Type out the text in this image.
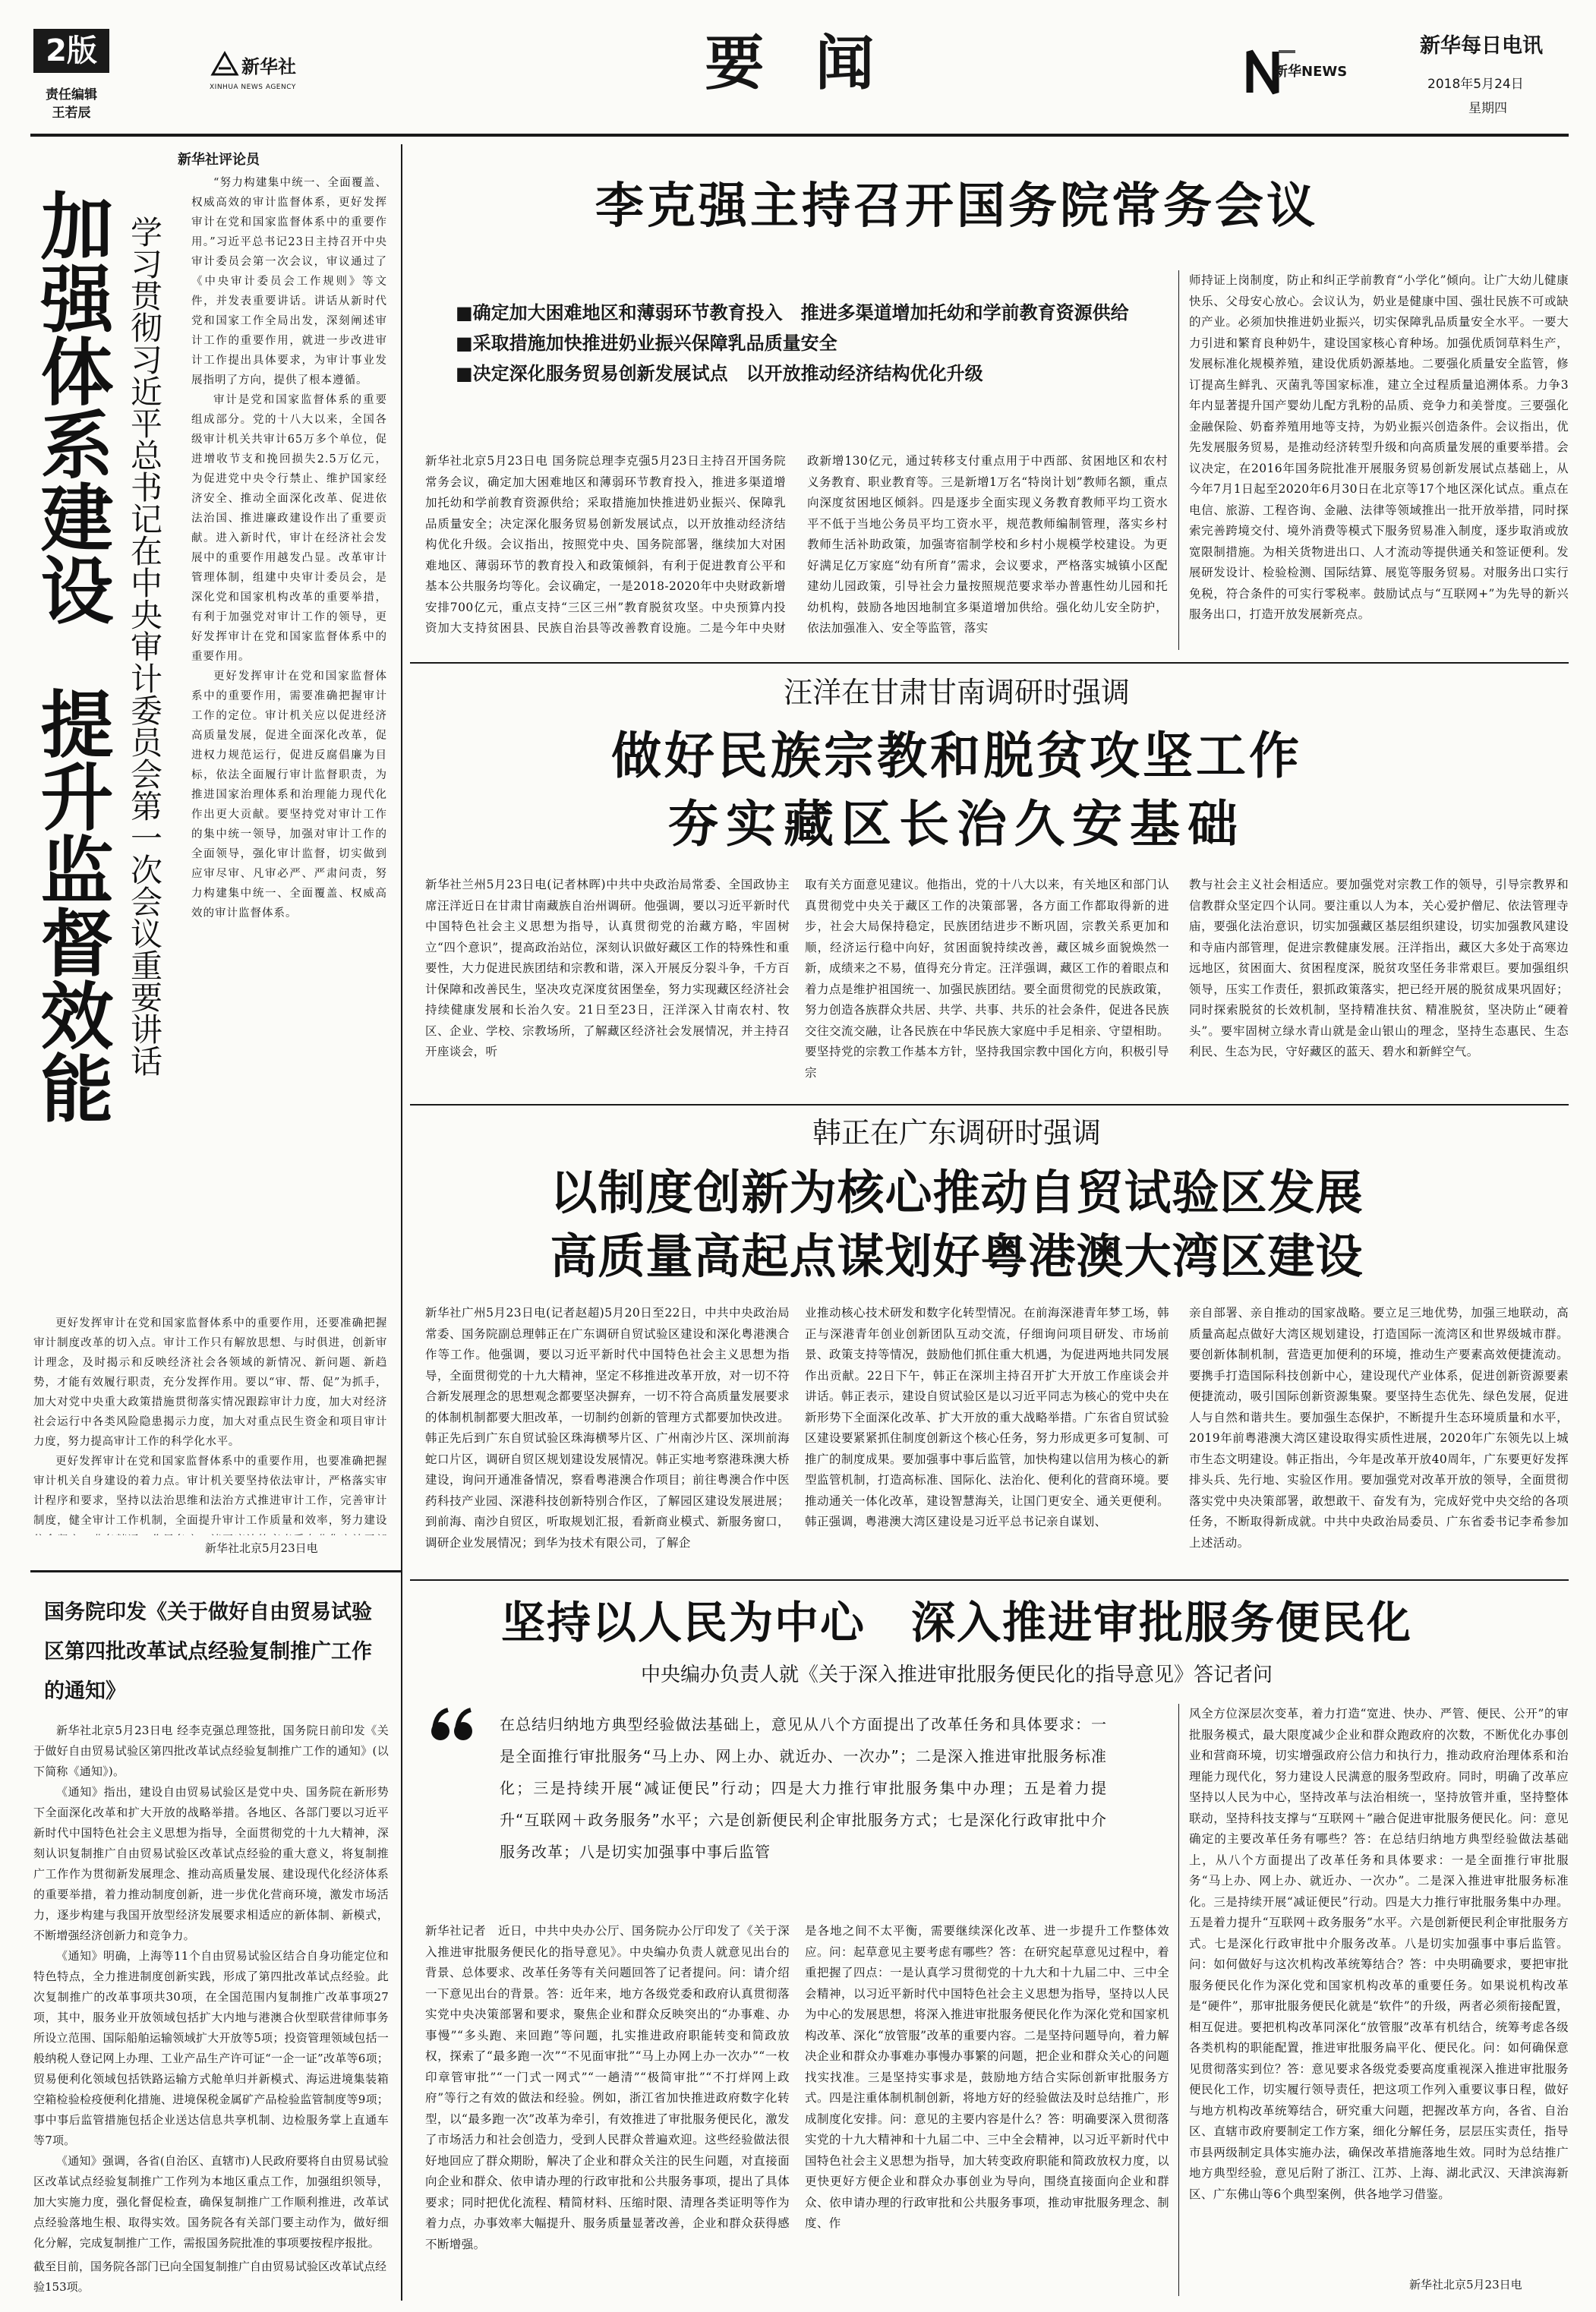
2版
责任编辑
王若辰
新华社
XINHUA NEWS AGENCY	要 闻	新华NEWS
新华每日电讯
2018年5月24日
星期四
新华社评论员
加强体系建设
提升监督效能 学习贯彻习近平总书记在中央审计委员会第一次会议重要讲话

“努力构建集中统一、全面覆盖、权威高效的审计监督体系，更好发挥审计在党和国家监督体系中的重要作用。”习近平总书记23日主持召开中央审计委员会第一次会议，审议通过了《中央审计委员会工作规则》等文件，并发表重要讲话。讲话从新时代党和国家工作全局出发，深刻阐述审计工作的重要作用，就进一步改进审计工作提出具体要求，为审计事业发展指明了方向，提供了根本遵循。

审计是党和国家监督体系的重要组成部分。党的十八大以来，全国各级审计机关共审计65万多个单位，促进增收节支和挽回损失2.5万亿元，为促进党中央令行禁止、维护国家经济安全、推动全面深化改革、促进依法治国、推进廉政建设作出了重要贡献。进入新时代，审计在经济社会发展中的重要作用越发凸显。改革审计管理体制，组建中央审计委员会，是深化党和国家机构改革的重要举措，有利于加强党对审计工作的领导，更好发挥审计在党和国家监督体系中的重要作用。

更好发挥审计在党和国家监督体系中的重要作用，需要准确把握审计工作的定位。审计机关应以促进经济高质量发展，促进全面深化改革，促进权力规范运行，促进反腐倡廉为目标，依法全面履行审计监督职责，为推进国家治理体系和治理能力现代化作出更大贡献。要坚持党对审计工作的集中统一领导，加强对审计工作的全面领导，强化审计监督，切实做到应审尽审、凡审必严、严肃问责，努力构建集中统一、全面覆盖、权威高效的审计监督体系。

更好发挥审计在党和国家监督体系中的重要作用，还要准确把握审计制度改革的切入点。审计工作只有解放思想、与时俱进，创新审计理念，及时揭示和反映经济社会各领域的新情况、新问题、新趋势，才能有效履行职责，充分发挥作用。要以“审、帮、促”为抓手，加大对党中央重大政策措施贯彻落实情况跟踪审计力度，加大对经济社会运行中各类风险隐患揭示力度，加大对重点民生资金和项目审计力度，努力提高审计工作的科学化水平。

更好发挥审计在党和国家监督体系中的重要作用，也要准确把握审计机关自身建设的着力点。审计机关要坚持依法审计，严格落实审计程序和要求，坚持以法治思维和法治方式推进审计工作，完善审计制度，健全审计工作机制，全面提升审计工作质量和效率，努力建设

新华社北京5月23日电
国务院印发《关于做好自由贸易试验区第四批改革试点经验复制推广工作的通知》

新华社北京5月23日电 经李克强总理签批，国务院日前印发《关于做好自由贸易试验区第四批改革试点经验复制推广工作的通知》(以下简称《通知》)。

《通知》指出，建设自由贸易试验区是党中央、国务院在新形势下全面深化改革和扩大开放的战略举措。各地区、各部门要以习近平新时代中国特色社会主义思想为指导，全面贯彻党的十九大精神，深刻认识复制推广自由贸易试验区改革试点经验的重大意义，将复制推广工作作为贯彻新发展理念、推动高质量发展、建设现代化经济体系的重要举措，着力推动制度创新，进一步优化营商环境，激发市场活力，逐步构建与我国开放型经济发展要求相适应的新体制、新模式，不断增强经济创新力和竞争力。

《通知》明确，上海等11个自由贸易试验区结合自身功能定位和特色特点，全力推进制度创新实践，形成了第四批改革试点经验。此次复制推广的改革事项共30项，在全国范围内复制推广改革事项27项，其中，服务业开放领域包括扩大内地与港澳合伙型联营律师事务所设立范围、国际船舶运输领域扩大开放等5项；投资管理领域包括一般纳税人登记网上办理、工业产品生产许可证“一企一证”改革等6项；贸易便利化领域包括铁路运输方式舱单归并新模式、海运进境集装箱空箱检验检疫便利化措施、进境保税金属矿产品检验监管制度等9项；事中事后监管措施包括企业送达信息共享机制、边检服务掌上直通车等7项。

《通知》强调，各省(自治区、直辖市)人民政府要将自由贸易试验区改革试点经验复制推广工作列为本地区重点工作，加强组织领导，加大实施力度，强化督促检查，确保复制推广工作顺利推进，改革试点经验落地生根、取得实效。国务院各有关部门要主动作为，做好细化分解，完成复制推广工作，需报国务院批准的事项要按程序报批。

截至目前，国务院各部门已向全国复制推广自由贸易试验区改革试点经验153项。
李克强主持召开国务院常务会议
■确定加大困难地区和薄弱环节教育投入　推进多渠道增加托幼和学前教育资源供给
■采取措施加快推进奶业振兴保障乳品质量安全
■决定深化服务贸易创新发展试点　以开放推动经济结构优化升级
新华社北京5月23日电 国务院总理李克强5月23日主持召开国务院常务会议，确定加大困难地区和薄弱环节教育投入，推进多渠道增加托幼和学前教育资源供给；采取措施加快推进奶业振兴、保障乳品质量安全；决定深化服务贸易创新发展试点，以开放推动经济结构优化升级。会议指出，按照党中央、国务院部署，继续加大对困难地区、薄弱环节的教育投入和政策倾斜，有利于促进教育公平和基本公共服务均等化。会议确定，一是2018-2020年中央财政新增安排700亿元，重点支持“三区三州”教育脱贫攻坚。中央预算内投资加大支持贫困县、民族自治县等改善教育设施。二是今年中央财政新增130亿元，通过转移支付重点用于中西部、贫困地区和农村义务教育、职业教育等。三是新增1万名“特岗计划”教师名额，重点向深度贫困地区倾斜。四是逐步全面实现义务教育教师平均工资水平不低于当地公务员平均工资水平，规范教师编制管理，落实乡村教师生活补助政策，加强寄宿制学校和乡村小规模学校建设。为更好满足亿万家庭“幼有所育”需求，会议要求，严格落实城镇小区配建幼儿园政策，引导社会力量按照规范要求举办普惠性幼儿园和托幼机构，鼓励各地因地制宜多渠道增加供给。强化幼儿安全防护，依法加强准入、安全等监管，落实
师持证上岗制度，防止和纠正学前教育“小学化”倾向。让广大幼儿健康快乐、父母安心放心。会议认为，奶业是健康中国、强壮民族不可或缺的产业。必须加快推进奶业振兴，切实保障乳品质量安全水平。一要大力引进和繁育良种奶牛，建设国家核心育种场。加强优质饲草料生产，发展标准化规模养殖，建设优质奶源基地。二要强化质量安全监管，修订提高生鲜乳、灭菌乳等国家标准，建立全过程质量追溯体系。力争3年内显著提升国产婴幼儿配方乳粉的品质、竞争力和美誉度。三要强化金融保险、奶畜养殖用地等支持，为奶业振兴创造条件。会议指出，优先发展服务贸易，是推动经济转型升级和向高质量发展的重要举措。会议决定，在2016年国务院批准开展服务贸易创新发展试点基础上，从今年7月1日起至2020年6月30日在北京等17个地区深化试点。重点在电信、旅游、工程咨询、金融、法律等领域推出一批开放举措，同时探索完善跨境交付、境外消费等模式下服务贸易准入制度，逐步取消或放宽限制措施。为相关货物进出口、人才流动等提供通关和签证便利。发展研发设计、检验检测、国际结算、展览等服务贸易。对服务出口实行免税，符合条件的可实行零税率。鼓励试点与“互联网+”为先导的新兴服务出口，打造开放发展新亮点。
汪洋在甘肃甘南调研时强调
做好民族宗教和脱贫攻坚工作
夯实藏区长治久安基础
新华社兰州5月23日电(记者林晖)中共中央政治局常委、全国政协主席汪洋近日在甘肃甘南藏族自治州调研。他强调，要以习近平新时代中国特色社会主义思想为指导，认真贯彻党的治藏方略，牢固树立“四个意识”，提高政治站位，深刻认识做好藏区工作的特殊性和重要性，大力促进民族团结和宗教和谐，深入开展反分裂斗争，千方百计保障和改善民生，坚决攻克深度贫困堡垒，努力实现藏区经济社会持续健康发展和长治久安。21日至23日，汪洋深入甘南农村、牧区、企业、学校、宗教场所，了解藏区经济社会发展情况，并主持召开座谈会，听
取有关方面意见建议。他指出，党的十八大以来，有关地区和部门认真贯彻党中央关于藏区工作的决策部署，各方面工作都取得新的进步，社会大局保持稳定，民族团结进步不断巩固，宗教关系更加和顺，经济运行稳中向好，贫困面貌持续改善，藏区城乡面貌焕然一新，成绩来之不易，值得充分肯定。汪洋强调，藏区工作的着眼点和着力点是维护祖国统一、加强民族团结。要全面贯彻党的民族政策，努力创造各族群众共居、共学、共事、共乐的社会条件，促进各民族交往交流交融，让各民族在中华民族大家庭中手足相亲、守望相助。要坚持党的宗教工作基本方针，坚持我国宗教中国化方向，积极引导宗
教与社会主义社会相适应。要加强党对宗教工作的领导，引导宗教界和信教群众坚定四个认同。要注重以人为本，关心爱护僧尼、依法管理寺庙，要强化法治意识，切实加强藏区基层组织建设，切实加强教风建设和寺庙内部管理，促进宗教健康发展。汪洋指出，藏区大多处于高寒边远地区，贫困面大、贫困程度深，脱贫攻坚任务非常艰巨。要加强组织领导，压实工作责任，狠抓政策落实，把已经开展的脱贫成果巩固好；同时探索脱贫的长效机制，坚持精准扶贫、精准脱贫，坚决防止“硬着头”。要牢固树立绿水青山就是金山银山的理念，坚持生态惠民、生态利民、生态为民，守好藏区的蓝天、碧水和新鲜空气。
韩正在广东调研时强调
以制度创新为核心推动自贸试验区发展
高质量高起点谋划好粤港澳大湾区建设
新华社广州5月23日电(记者赵超)5月20日至22日，中共中央政治局常委、国务院副总理韩正在广东调研自贸试验区建设和深化粤港澳合作等工作。他强调，要以习近平新时代中国特色社会主义思想为指导，全面贯彻党的十九大精神，坚定不移推进改革开放，对一切不符合新发展理念的思想观念都要坚决摒弃，一切不符合高质量发展要求的体制机制都要大胆改革，一切制约创新的管理方式都要加快改进。韩正先后到广东自贸试验区珠海横琴片区、广州南沙片区、深圳前海蛇口片区，调研自贸区规划建设发展情况。韩正实地考察港珠澳大桥建设，询问开通准备情况，察看粤港澳合作项目；前往粤澳合作中医药科技产业园、深港科技创新特别合作区，了解园区建设发展进展；到前海、南沙自贸区，听取规划汇报，看新商业模式、新服务窗口，调研企业发展情况；到华为技术有限公司，了解企
业推动核心技术研发和数字化转型情况。在前海深港青年梦工场，韩正与深港青年创业创新团队互动交流，仔细询问项目研发、市场前景、政策支持等情况，鼓励他们抓住重大机遇，为促进两地共同发展作出贡献。22日下午，韩正在深圳主持召开扩大开放工作座谈会并讲话。韩正表示，建设自贸试验区是以习近平同志为核心的党中央在新形势下全面深化改革、扩大开放的重大战略举措。广东省自贸试验区建设要紧紧抓住制度创新这个核心任务，努力形成更多可复制、可推广的制度成果。要加强事中事后监管，加快构建以信用为核心的新型监管机制，打造高标准、国际化、法治化、便利化的营商环境。要推动通关一体化改革，建设智慧海关，让国门更安全、通关更便利。韩正强调，粤港澳大湾区建设是习近平总书记亲自谋划、
亲自部署、亲自推动的国家战略。要立足三地优势，加强三地联动，高质量高起点做好大湾区规划建设，打造国际一流湾区和世界级城市群。要创新体制机制，营造更加便利的环境，推动生产要素高效便捷流动。要携手打造国际科技创新中心，建设现代产业体系，促进创新资源要素便捷流动，吸引国际创新资源集聚。要坚持生态优先、绿色发展，促进人与自然和谐共生。要加强生态保护，不断提升生态环境质量和水平，2019年前粤港澳大湾区建设取得实质性进展，2020年广东领先以上城市生态文明建设。韩正指出，今年是改革开放40周年，广东要更好发挥排头兵、先行地、实验区作用。要加强党对改革开放的领导，全面贯彻落实党中央决策部署，敢想敢干、奋发有为，完成好党中央交给的各项任务，不断取得新成就。中共中央政治局委员、广东省委书记李希参加上述活动。
坚持以人民为中心　深入推进审批服务便民化
中央编办负责人就《关于深入推进审批服务便民化的指导意见》答记者问
在总结归纳地方典型经验做法基础上，意见从八个方面提出了改革任务和具体要求：一是全面推行审批服务“马上办、网上办、就近办、一次办”；二是深入推进审批服务标准化；三是持续开展“减证便民”行动；四是大力推行审批服务集中办理；五是着力提升“互联网＋政务服务”水平；六是创新便民利企审批服务方式；七是深化行政审批中介服务改革；八是切实加强事中事后监管
新华社记者　近日，中共中央办公厅、国务院办公厅印发了《关于深入推进审批服务便民化的指导意见》。中央编办负责人就意见出台的背景、总体要求、改革任务等有关问题回答了记者提问。问：请介绍一下意见出台的背景。答：近年来，地方各级党委和政府认真贯彻落实党中央决策部署和要求，聚焦企业和群众反映突出的“办事难、办事慢”“多头跑、来回跑”等问题，扎实推进政府职能转变和简政放权，探索了“最多跑一次”“不见面审批”“马上办网上办一次办”“一枚印章管审批”“一门式一网式”“一趟清”“极简审批”“不打烊网上政府”等行之有效的做法和经验。例如，浙江省加快推进政府数字化转型，以“最多跑一次”改革为牵引，有效推进了审批服务便民化，激发了市场活力和社会创造力，受到人民群众普遍欢迎。这些经验做法很好地回应了群众期盼，解决了企业和群众关注的民生问题，对直接面向企业和群众、依申请办理的行政审批和公共服务事项，提出了具体要求；同时把优化流程、精简材料、压缩时限、清理各类证明等作为着力点，办事效率大幅提升、服务质量显著改善，企业和群众获得感不断增强。
是各地之间不太平衡，需要继续深化改革、进一步提升工作整体效应。问：起草意见主要考虑有哪些？答：在研究起草意见过程中，着重把握了四点：一是认真学习贯彻党的十九大和十九届二中、三中全会精神，以习近平新时代中国特色社会主义思想为指导，坚持以人民为中心的发展思想，将深入推进审批服务便民化作为深化党和国家机构改革、深化“放管服”改革的重要内容。二是坚持问题导向，着力解决企业和群众办事难办事慢办事繁的问题，把企业和群众关心的问题找实找准。三是坚持实事求是，鼓励地方结合实际创新审批服务方式。四是注重体制机制创新，将地方好的经验做法及时总结推广，形成制度化安排。问：意见的主要内容是什么？答：明确要深入贯彻落实党的十九大精神和十九届二中、三中全会精神，以习近平新时代中国特色社会主义思想为指导，加大转变政府职能和简政放权力度，以更快更好方便企业和群众办事创业为导向，围绕直接面向企业和群众、依申请办理的行政审批和公共服务事项，推动审批服务理念、制度、作
风全方位深层次变革，着力打造“宽进、快办、严管、便民、公开”的审批服务模式，最大限度减少企业和群众跑政府的次数，不断优化办事创业和营商环境，切实增强政府公信力和执行力，推动政府治理体系和治理能力现代化，努力建设人民满意的服务型政府。同时，明确了改革应坚持以人民为中心，坚持改革与法治相统一，坚持放管并重，坚持整体联动，坚持科技支撑与“互联网＋”融合促进审批服务便民化。问：意见确定的主要改革任务有哪些？答：在总结归纳地方典型经验做法基础上，从八个方面提出了改革任务和具体要求：一是全面推行审批服务“马上办、网上办、就近办、一次办”。二是深入推进审批服务标准化。三是持续开展“减证便民”行动。四是大力推行审批服务集中办理。五是着力提升“互联网＋政务服务”水平。六是创新便民利企审批服务方式。七是深化行政审批中介服务改革。八是切实加强事中事后监管。问：如何做好与这次机构改革统筹结合？答：中央明确要求，要把审批服务便民化作为深化党和国家机构改革的重要任务。如果说机构改革是“硬件”，那审批服务便民化就是“软件”的升级，两者必须衔接配置，相互促进。要把机构改革同深化“放管服”改革有机结合，统筹考虑各级各类机构的职能配置，推进审批服务扁平化、便民化。问：如何确保意见贯彻落实到位？答：意见要求各级党委要高度重视深入推进审批服务便民化工作，切实履行领导责任，把这项工作列入重要议事日程，做好与地方机构改革统筹结合，研究重大问题，把握改革方向，各省、自治区、直辖市政府要制定工作方案，细化分解任务，层层压实责任，指导市县两级制定具体实施办法，确保改革措施落地生效。同时为总结推广地方典型经验，意见后附了浙江、江苏、上海、湖北武汉、天津滨海新区、广东佛山等6个典型案例，供各地学习借鉴。
新华社北京5月23日电
